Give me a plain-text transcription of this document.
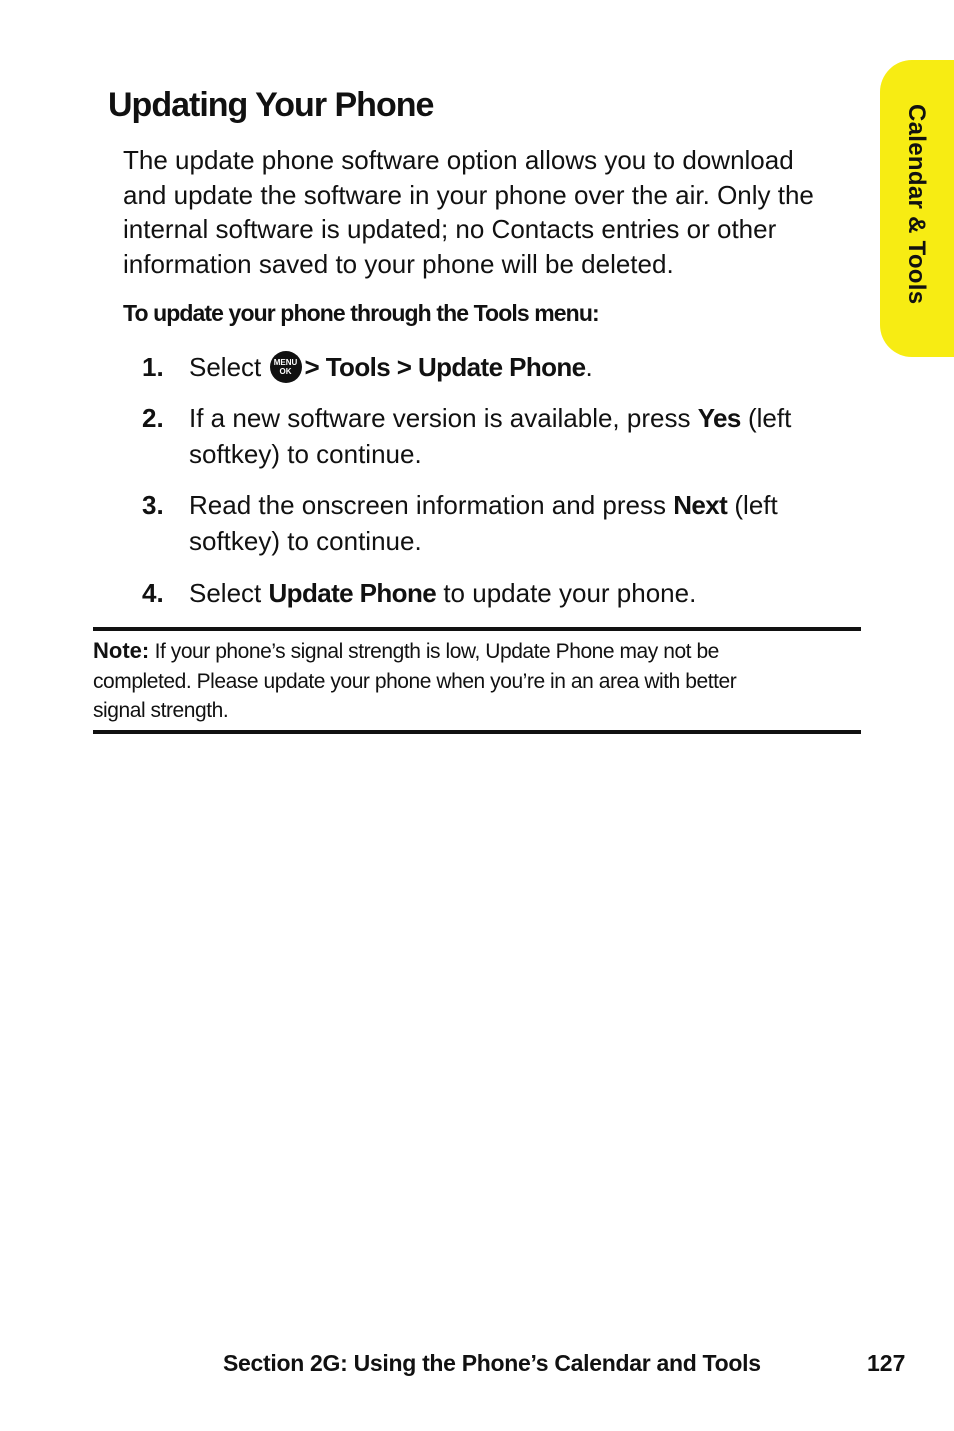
Calendar & Tools
Updating Your Phone

The update phone software option allows you to download
and update the software in your phone over the air. Only the
internal software is updated; no Contacts entries or other
information saved to your phone will be deleted.

To update your phone through the Tools menu:

1. Select	MENU
OK > Tools > Update Phone.
2. If a new software version is available, press Yes (left
softkey) to continue.
3. Read the onscreen information and press Next (left
softkey) to continue.
4. Select Update Phone to update your phone.
Note: If your phone’s signal strength is low, Update Phone may not be
completed. Please update your phone when you’re in an area with better
signal strength.
Section 2G: Using the Phone’s Calendar and Tools	127
